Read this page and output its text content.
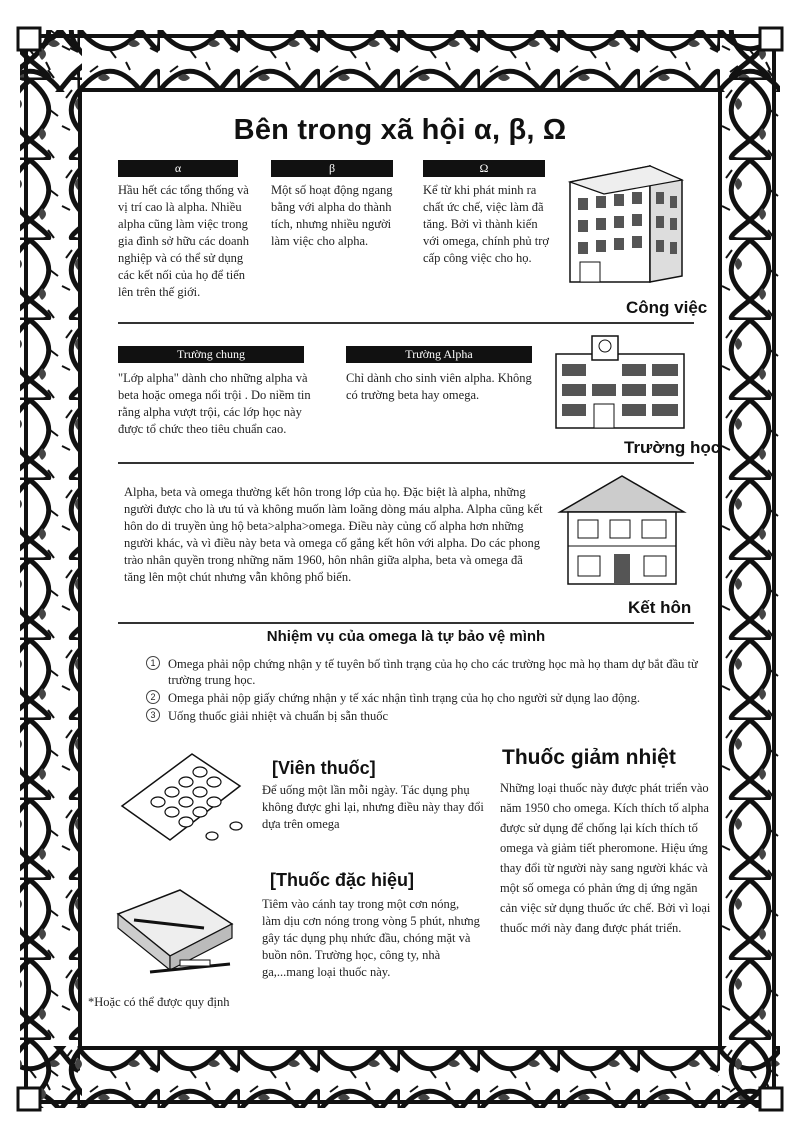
Bên trong xã hội α, β, Ω
α
Hầu hết các tổng thống và vị trí cao là alpha. Nhiều alpha cũng làm việc trong gia đình sở hữu các doanh nghiệp và có thể sử dụng các kết nối của họ để tiến lên trên thế giới.
β
Một số hoạt động ngang bằng với alpha do thành tích, nhưng nhiều người làm việc cho alpha.
Ω
Kể từ khi phát minh ra chất ức chế, việc làm đã tăng. Bởi vì thành kiến với omega, chính phủ trợ cấp công việc cho họ.
Công việc
Trường chung
"Lớp alpha" dành cho những alpha và beta hoặc omega nổi trội . Do niềm tin rằng alpha vượt trội, các lớp học này được tổ chức theo tiêu chuẩn cao.
Trường Alpha
Chỉ dành cho sinh viên alpha. Không có trường beta hay omega.
Trường học
Alpha, beta và omega thường kết hôn trong lớp của họ. Đặc biệt là alpha, những người được cho là ưu tú và không muốn làm loãng dòng máu alpha. Alpha cũng kết hôn do di truyền ủng hộ beta>alpha>omega. Điều này củng cố alpha hơn những người khác, và vì điều này beta và omega cố gắng kết hôn với alpha. Do các phong trào nhân quyền trong những năm 1960, hôn nhân giữa alpha, beta và omega đã tăng lên một chút nhưng vẫn không phổ biến.
Kết hôn
Nhiệm vụ của omega là tự bảo vệ mình
1	Omega phải nộp chứng nhận y tế tuyên bố tình trạng của họ cho các trường học mà họ tham dự bắt đầu từ trường trung học.
2	Omega phải nộp giấy chứng nhận y tế xác nhận tình trạng của họ cho người sử dụng lao động.
3	Uống thuốc giải nhiệt và chuẩn bị sẵn thuốc
[Viên thuốc]
Để uống một lần mỗi ngày. Tác dụng phụ không được ghi lại, nhưng điều này thay đổi dựa trên omega
[Thuốc đặc hiệu]
Tiêm vào cánh tay trong một cơn nóng, làm dịu cơn nóng trong vòng 5 phút, nhưng gây tác dụng phụ nhức đầu, chóng mặt và buồn nôn. Trường học, công ty, nhà ga,...mang loại thuốc này.
*Hoặc có thể được quy định
Thuốc giảm nhiệt
Những loại thuốc này được phát triển vào năm 1950 cho omega. Kích thích tố alpha được sử dụng để chống lại kích thích tố omega và giảm tiết pheromone. Hiệu ứng thay đổi từ người này sang người khác và một số omega có phản ứng dị ứng ngăn cản việc sử dụng thuốc ức chế. Bởi vì loại thuốc mới này đang được phát triển.
